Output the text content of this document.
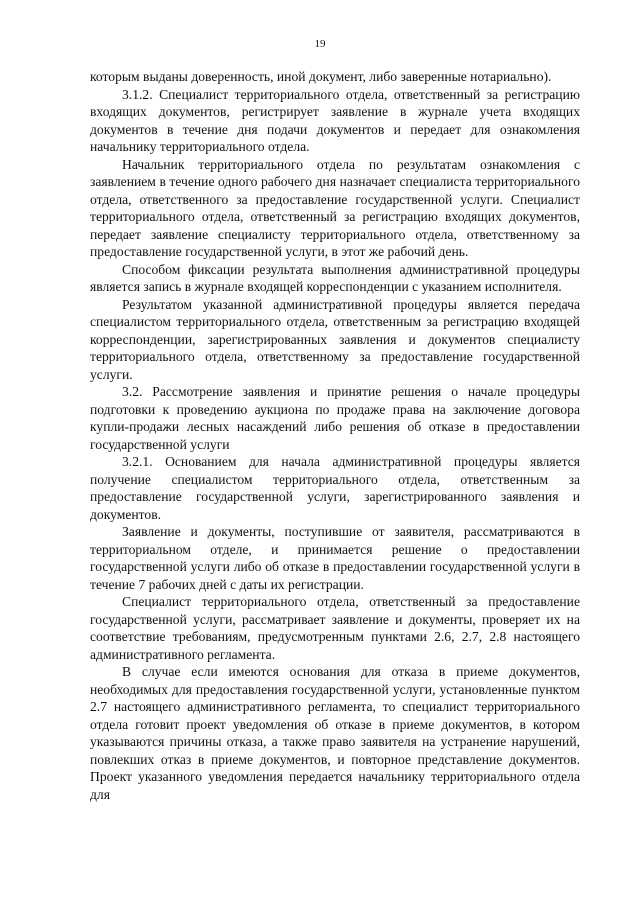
19

которым выданы доверенность, иной документ, либо заверенные нотариально).

3.1.2. Специалист территориального отдела, ответственный за регистрацию входящих документов, регистрирует заявление в журнале учета входящих документов в течение дня подачи документов и передает для ознакомления начальнику территориального отдела.

Начальник территориального отдела по результатам ознакомления с заявлением в течение одного рабочего дня назначает специалиста территориального отдела, ответственного за предоставление государственной услуги. Специалист территориального отдела, ответственный за регистрацию входящих документов, передает заявление специалисту территориального отдела, ответственному за предоставление государственной услуги, в этот же рабочий день.

Способом фиксации результата выполнения административной процедуры является запись в журнале входящей корреспонденции с указанием исполнителя.

Результатом указанной административной процедуры является передача специалистом территориального отдела, ответственным за регистрацию входящей корреспонденции, зарегистрированных заявления и документов специалисту территориального отдела, ответственному за предоставление государственной услуги.

3.2. Рассмотрение заявления и принятие решения о начале процедуры подготовки к проведению аукциона по продаже права на заключение договора купли-продажи лесных насаждений либо решения об отказе в предоставлении государственной услуги

3.2.1. Основанием для начала административной процедуры является получение специалистом территориального отдела, ответственным за предоставление государственной услуги, зарегистрированного заявления и документов.

Заявление и документы, поступившие от заявителя, рассматриваются в территориальном отделе, и принимается решение о предоставлении государственной услуги либо об отказе в предоставлении государственной услуги в течение 7 рабочих дней с даты их регистрации.

Специалист территориального отдела, ответственный за предоставление государственной услуги, рассматривает заявление и документы, проверяет их на соответствие требованиям, предусмотренным пунктами 2.6, 2.7, 2.8 настоящего административного регламента.

В случае если имеются основания для отказа в приеме документов, необходимых для предоставления государственной услуги, установленные пунктом 2.7 настоящего административного регламента, то специалист территориального отдела готовит проект уведомления об отказе в приеме документов, в котором указываются причины отказа, а также право заявителя на устранение нарушений, повлекших отказ в приеме документов, и повторное представление документов. Проект указанного уведомления передается начальнику территориального отдела для
